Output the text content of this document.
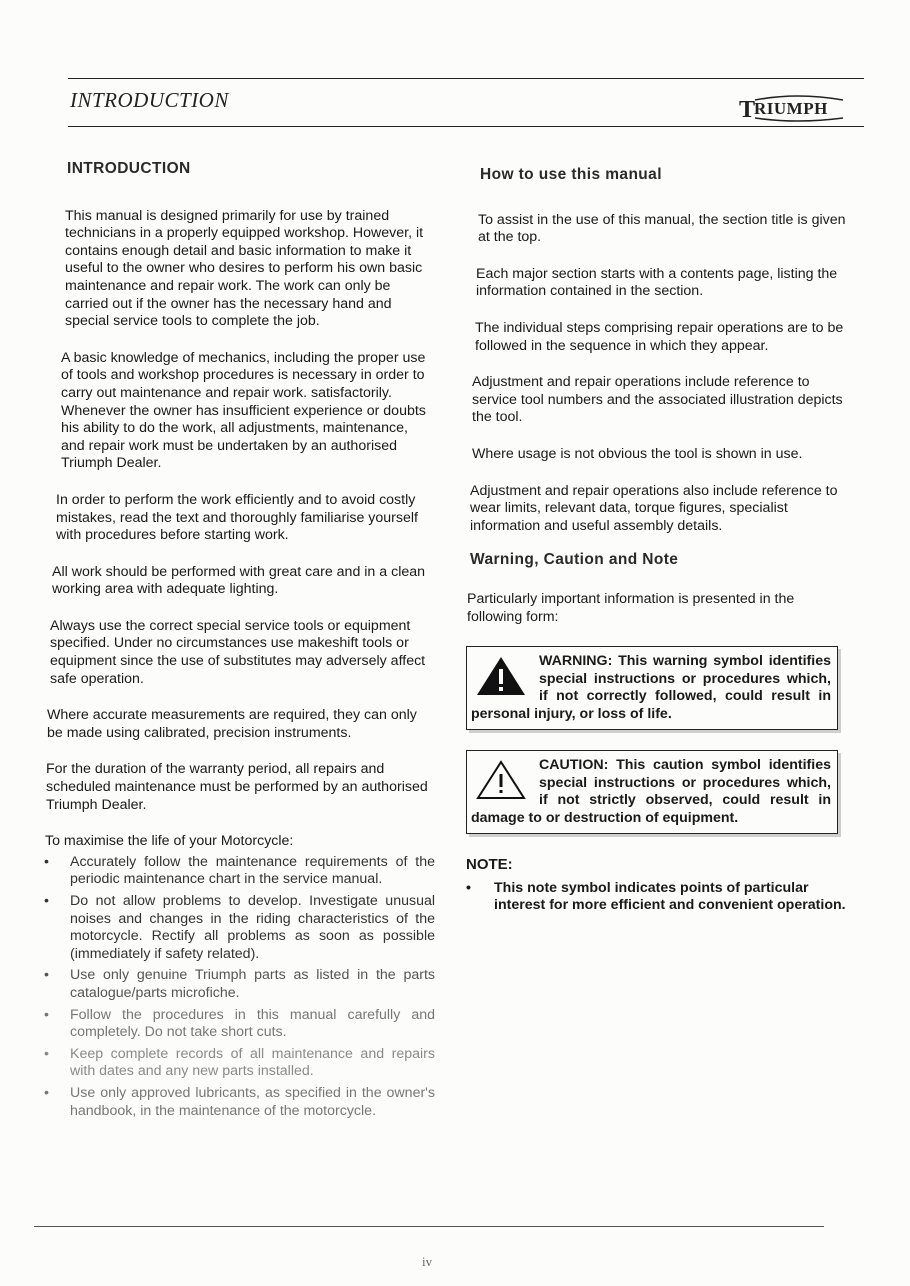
INTRODUCTION	T RIUMPH
INTRODUCTION

This manual is designed primarily for use by trained technicians in a properly equipped workshop. However, it contains enough detail and basic information to make it useful to the owner who desires to perform his own basic maintenance and repair work. The work can only be carried out if the owner has the necessary hand and special service tools to complete the job.

A basic knowledge of mechanics, including the proper use of tools and workshop procedures is necessary in order to carry out maintenance and repair work. satisfactorily. Whenever the owner has insufficient experience or doubts his ability to do the work, all adjustments, maintenance, and repair work must be undertaken by an authorised Triumph Dealer.

In order to perform the work efficiently and to avoid costly mistakes, read the text and thoroughly familiarise yourself with procedures before starting work.

All work should be performed with great care and in a clean working area with adequate lighting.

Always use the correct special service tools or equipment specified. Under no circumstances use makeshift tools or equipment since the use of substitutes may adversely affect safe operation.

Where accurate measurements are required, they can only be made using calibrated, precision instruments.

For the duration of the warranty period, all repairs and scheduled maintenance must be performed by an authorised Triumph Dealer.

To maximise the life of your Motorcycle:

• Accurately follow the maintenance requirements of the periodic maintenance chart in the service manual.
• Do not allow problems to develop. Investigate unusual noises and changes in the riding characteristics of the motorcycle. Rectify all problems as soon as possible (immediately if safety related).
• Use only genuine Triumph parts as listed in the parts catalogue/parts microfiche.
• Follow the procedures in this manual carefully and completely. Do not take short cuts.
• Keep complete records of all maintenance and repairs with dates and any new parts installed.
• Use only approved lubricants, as specified in the owner's handbook, in the maintenance of the motorcycle.
How to use this manual

To assist in the use of this manual, the section title is given at the top.

Each major section starts with a contents page, listing the information contained in the section.

The individual steps comprising repair operations are to be followed in the sequence in which they appear.

Adjustment and repair operations include reference to service tool numbers and the associated illustration depicts the tool.

Where usage is not obvious the tool is shown in use.

Adjustment and repair operations also include reference to wear limits, relevant data, torque figures, specialist information and useful assembly details.

Warning, Caution and Note

Particularly important information is presented in the following form:

WARNING: This warning symbol identifies special instructions or procedures which, if not correctly followed, could result in personal injury, or loss of life.
CAUTION: This caution symbol identifies special instructions or procedures which, if not strictly observed, could result in damage to or destruction of equipment.
NOTE:
• This note symbol indicates points of particular interest for more efficient and convenient operation.
iv
